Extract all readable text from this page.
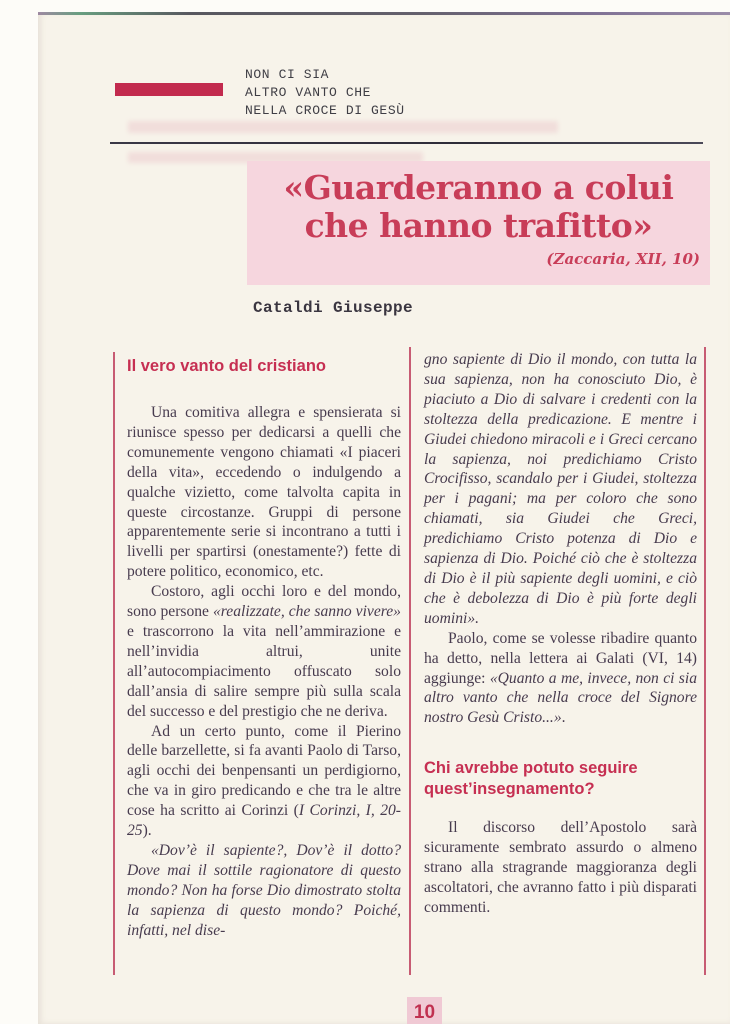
NON CI SIA
ALTRO VANTO CHE
NELLA CROCE DI GESÙ
«Guarderanno a colui
che hanno trafitto»
(Zaccaria, XII, 10)
Cataldi Giuseppe
Il vero vanto del cristiano

Una comitiva allegra e spensierata si riunisce spesso per dedicarsi a quelli che comunemente vengono chiamati «I piaceri della vita», eccedendo o indulgendo a qualche vizietto, come talvolta capita in queste circostanze. Gruppi di persone apparentemente serie si incontrano a tutti i livelli per spartirsi (onestamente?) fette di potere politico, economico, etc.

Costoro, agli occhi loro e del mondo, sono persone «realizzate, che sanno vivere» e trascorrono la vita nell’ammirazione e nell’invidia altrui, unite all’autocompiacimento offuscato solo dall’ansia di salire sempre più sulla scala del successo e del prestigio che ne deriva.

Ad un certo punto, come il Pierino delle barzellette, si fa avanti Paolo di Tarso, agli occhi dei benpensanti un perdigiorno, che va in giro predicando e che tra le altre cose ha scritto ai Corinzi (I Corinzi, I, 20-25).

«Dov’è il sapiente?, Dov’è il dotto? Dove mai il sottile ragionatore di questo mondo? Non ha forse Dio dimostrato stolta la sapienza di questo mondo? Poiché, infatti, nel dise-

gno sapiente di Dio il mondo, con tutta la sua sapienza, non ha conosciuto Dio, è piaciuto a Dio di salvare i credenti con la stoltezza della predicazione. E mentre i Giudei chiedono miracoli e i Greci cercano la sapienza, noi predichiamo Cristo Crocifisso, scandalo per i Giudei, stoltezza per i pagani; ma per coloro che sono chiamati, sia Giudei che Greci, predichiamo Cristo potenza di Dio e sapienza di Dio. Poiché ciò che è stoltezza di Dio è il più sapiente degli uomini, e ciò che è debolezza di Dio è più forte degli uomini».

Paolo, come se volesse ribadire quanto ha detto, nella lettera ai Galati (VI, 14) aggiunge: «Quanto a me, invece, non ci sia altro vanto che nella croce del Signore nostro Gesù Cristo...».

Chi avrebbe potuto seguire quest’insegnamento?

Il discorso dell’Apostolo sarà sicuramente sembrato assurdo o almeno strano alla stragrande maggioranza degli ascoltatori, che avranno fatto i più disparati commenti.

10
